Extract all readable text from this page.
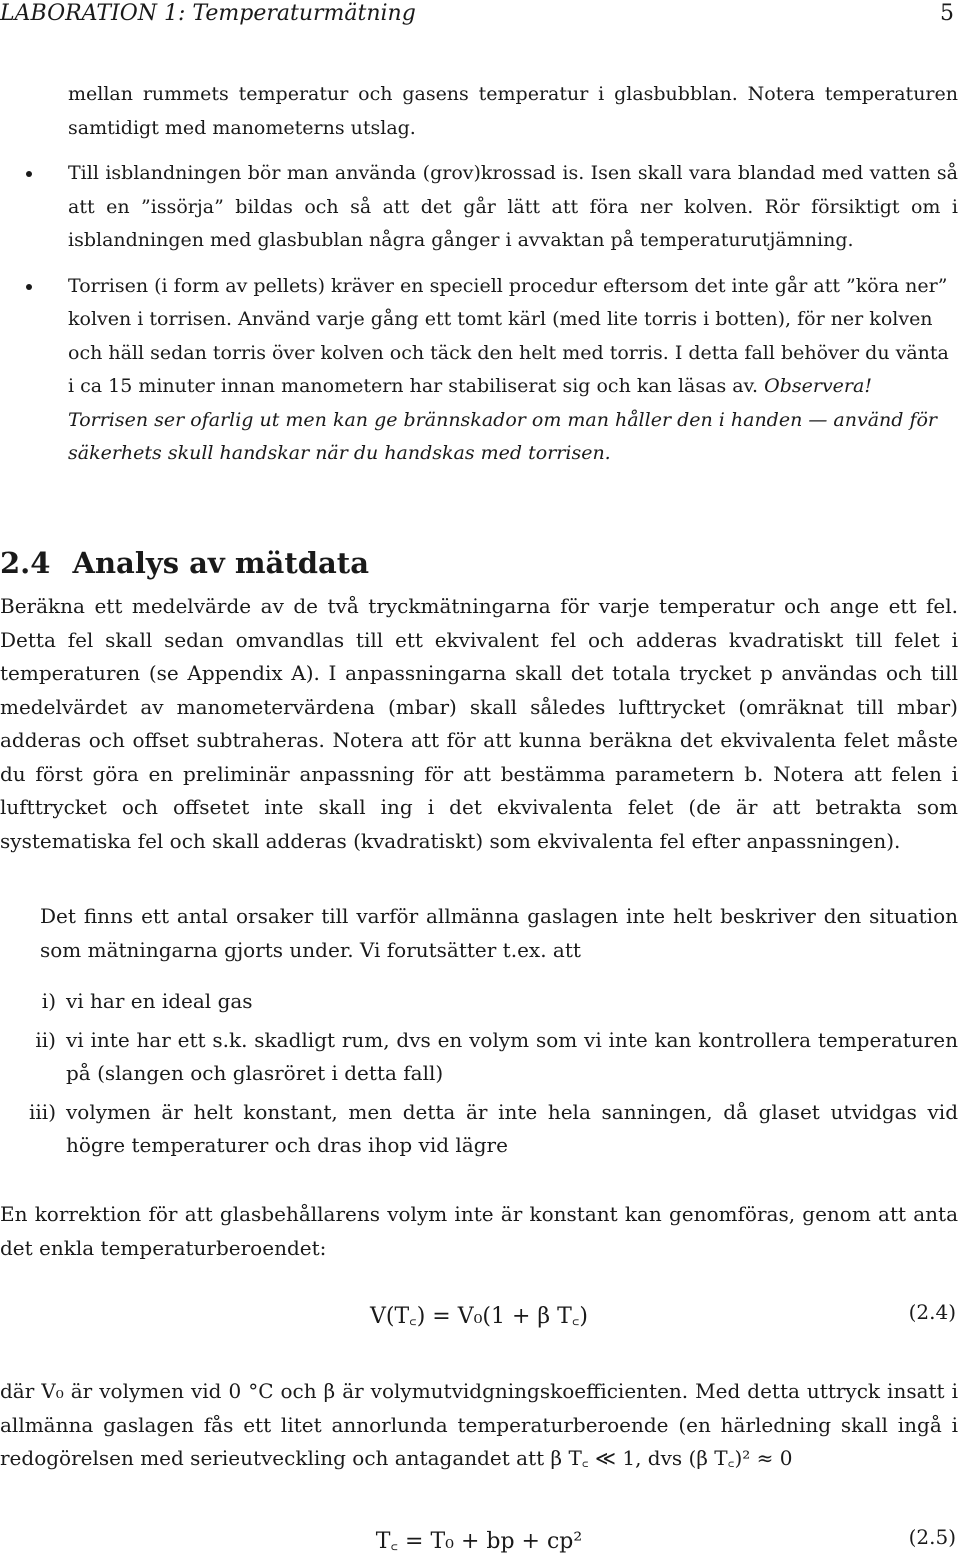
LABORATION 1: Temperaturmätning	5

mellan rummets temperatur och gasens temperatur i glasbubblan. Notera temperaturen samtidigt med manometerns utslag.

Till isblandningen bör man använda (grov)krossad is. Isen skall vara blandad med vatten så att en ”issörja” bildas och så att det går lätt att föra ner kolven. Rör försiktigt om i isblandningen med glasbublan några gånger i avvaktan på temperaturutjämning.

Torrisen (i form av pellets) kräver en speciell procedur eftersom det inte går att ”köra ner” kolven i torrisen. Använd varje gång ett tomt kärl (med lite torris i botten), för ner kolven och häll sedan torris över kolven och täck den helt med torris. I detta fall behöver du vänta i ca 15 minuter innan manometern har stabiliserat sig och kan läsas av. Observera! Torrisen ser ofarlig ut men kan ge brännskador om man håller den i handen — använd för säkerhets skull handskar när du handskas med torrisen.

2.4 Analys av mätdata

Beräkna ett medelvärde av de två tryckmätningarna för varje temperatur och ange ett fel. Detta fel skall sedan omvandlas till ett ekvivalent fel och adderas kvadratiskt till felet i temperaturen (se Appendix A). I anpassningarna skall det totala trycket p användas och till medelvärdet av manometervärdena (mbar) skall således lufttrycket (omräknat till mbar) adderas och offset subtraheras. Notera att för att kunna beräkna det ekvivalenta felet måste du först göra en preliminär anpassning för att bestämma parametern b. Notera att felen i lufttrycket och offsetet inte skall ing i det ekvivalenta felet (de är att betrakta som systematiska fel och skall adderas (kvadratiskt) som ekvivalenta fel efter anpassningen).

Det finns ett antal orsaker till varför allmänna gaslagen inte helt beskriver den situation som mätningarna gjorts under. Vi forutsätter t.ex. att

i) vi har en ideal gas

ii) vi inte har ett s.k. skadligt rum, dvs en volym som vi inte kan kontrollera temperaturen på (slangen och glasröret i detta fall)

iii) volymen är helt konstant, men detta är inte hela sanningen, då glaset utvidgas vid högre temperaturer och dras ihop vid lägre

En korrektion för att glasbehållarens volym inte är konstant kan genomföras, genom att anta det enkla temperaturberoendet:

V(T꜀) = V₀(1 + β T꜀)	(2.4)

där V₀ är volymen vid 0 °C och β är volymutvidgningskoefficienten. Med detta uttryck insatt i allmänna gaslagen fås ett litet annorlunda temperaturberoende (en härledning skall ingå i redogörelsen med serieutveckling och antagandet att β T꜀ ≪ 1, dvs (β T꜀)² ≈ 0

T꜀ = T₀ + bp + cp²	(2.5)
